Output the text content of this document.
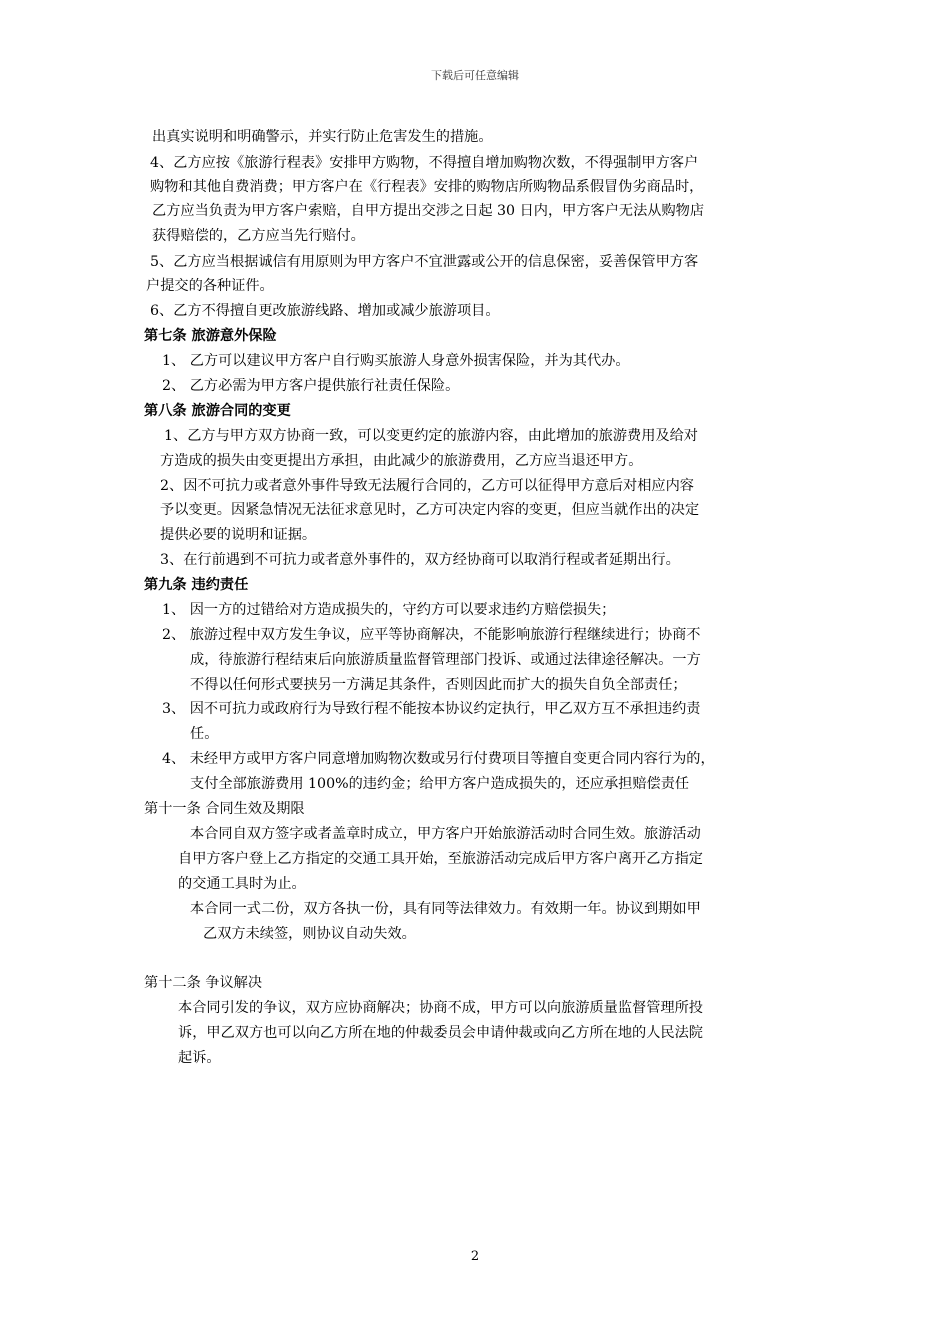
下载后可任意编辑
出真实说明和明确警示，并实行防止危害发生的措施。
4、乙方应按《旅游行程表》安排甲方购物，不得擅自增加购物次数，不得强制甲方客户
购物和其他自费消费；甲方客户在《行程表》安排的购物店所购物品系假冒伪劣商品时，
乙方应当负责为甲方客户索赔，自甲方提出交涉之日起 30 日内，甲方客户无法从购物店
获得赔偿的，乙方应当先行赔付。
5、乙方应当根据诚信有用原则为甲方客户不宜泄露或公开的信息保密，妥善保管甲方客
户提交的各种证件。
6、乙方不得擅自更改旅游线路、增加或减少旅游项目。
第七条 旅游意外保险
1、 乙方可以建议甲方客户自行购买旅游人身意外损害保险，并为其代办。
2、 乙方必需为甲方客户提供旅行社责任保险。
第八条 旅游合同的变更
1、乙方与甲方双方协商一致，可以变更约定的旅游内容，由此增加的旅游费用及给对
方造成的损失由变更提出方承担，由此减少的旅游费用，乙方应当退还甲方。
2、因不可抗力或者意外事件导致无法履行合同的，乙方可以征得甲方意后对相应内容
予以变更。因紧急情况无法征求意见时，乙方可决定内容的变更，但应当就作出的决定
提供必要的说明和证据。
3、在行前遇到不可抗力或者意外事件的，双方经协商可以取消行程或者延期出行。
第九条 违约责任
1、 因一方的过错给对方造成损失的，守约方可以要求违约方赔偿损失；
2、 旅游过程中双方发生争议，应平等协商解决，不能影响旅游行程继续进行；协商不
成，待旅游行程结束后向旅游质量监督管理部门投诉、或通过法律途径解决。一方
不得以任何形式要挟另一方满足其条件，否则因此而扩大的损失自负全部责任；
3、 因不可抗力或政府行为导致行程不能按本协议约定执行，甲乙双方互不承担违约责
任。
4、 未经甲方或甲方客户同意增加购物次数或另行付费项目等擅自变更合同内容行为的，
支付全部旅游费用 100%的违约金；给甲方客户造成损失的，还应承担赔偿责任
第十一条 合同生效及期限
本合同自双方签字或者盖章时成立，甲方客户开始旅游活动时合同生效。旅游活动
自甲方客户登上乙方指定的交通工具开始，至旅游活动完成后甲方客户离开乙方指定
的交通工具时为止。
本合同一式二份，双方各执一份，具有同等法律效力。有效期一年。协议到期如甲
乙双方未续签，则协议自动失效。
第十二条 争议解决
本合同引发的争议，双方应协商解决；协商不成，甲方可以向旅游质量监督管理所投
诉，甲乙双方也可以向乙方所在地的仲裁委员会申请仲裁或向乙方所在地的人民法院
起诉。
2
